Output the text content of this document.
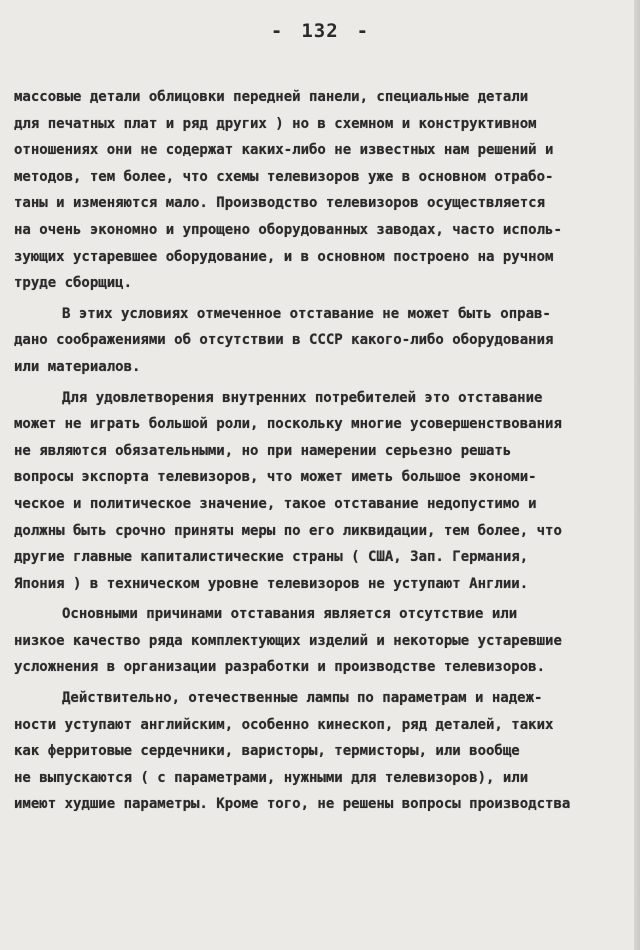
- 132 -
массовые детали облицовки передней панели, специальные детали
для печатных плат и ряд других ) но в схемном и конструктивном
отношениях они не содержат каких-либо не известных нам решений и
методов, тем более, что схемы телевизоров уже в основном отрабо-
таны и изменяются мало. Производство телевизоров осуществляется
на очень экономно и упрощено оборудованных заводах, часто исполь-
зующих устаревшее оборудование, и в основном построено на ручном
труде сборщиц.
В этих условиях отмеченное отставание не может быть оправ-
дано соображениями об отсутствии в СССР какого-либо оборудования
или материалов.
Для удовлетворения внутренних потребителей это отставание
может не играть большой роли, поскольку многие усовершенствования
не являются обязательными, но при намерении серьезно решать
вопросы экспорта телевизоров, что может иметь большое экономи-
ческое и политическое значение, такое отставание недопустимо и
должны быть срочно приняты меры по его ликвидации, тем более, что
другие главные капиталистические страны ( США, Зап. Германия,
Япония ) в техническом уровне телевизоров не уступают Англии.
Основными причинами отставания является отсутствие или
низкое качество ряда комплектующих изделий и некоторые устаревшие
усложнения в организации разработки и производстве телевизоров.
Действительно, отечественные лампы по параметрам и надеж-
ности уступают английским, особенно кинескоп, ряд деталей, таких
как ферритовые сердечники, варисторы, термисторы, или вообще
не выпускаются ( с параметрами, нужными для телевизоров), или
имеют худшие параметры. Кроме того, не решены вопросы производства
